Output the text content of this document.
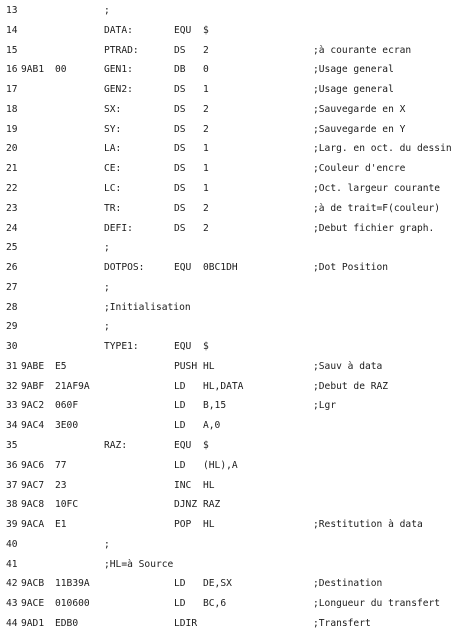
13	;
14	DATA:	EQU $
15	PTRAD:	DS 2	;à courante ecran
16 9AB1 00	GEN1:	DB 0	;Usage general
17	GEN2:	DS 1	;Usage general
18	SX:	DS 2	;Sauvegarde en X
19	SY:	DS 2	;Sauvegarde en Y
20	LA:	DS 1	;Larg. en oct. du dessin
21	CE:	DS 1	;Couleur d'encre
22	LC:	DS 1	;Oct. largeur courante
23	TR:	DS 2	;à de trait=F(couleur)
24	DEFI:	DS 2	;Debut fichier graph.
25	;
26	DOTPOS:	EQU 0BC1DH	;Dot Position
27	;
28	;Initialisation
29	;
30	TYPE1:	EQU $
31 9ABE E5	PUSH HL	;Sauv à data
32 9ABF 21AF9A	LD HL,DATA	;Debut de RAZ
33 9AC2 060F	LD B,15	;Lgr
34 9AC4 3E00	LD A,0
35	RAZ:	EQU $
36 9AC6 77	LD (HL),A
37 9AC7 23	INC HL
38 9AC8 10FC	DJNZ RAZ
39 9ACA E1	POP HL	;Restitution à data
40	;
41	;HL=à Source
42 9ACB 11B39A	LD DE,SX	;Destination
43 9ACE 010600	LD BC,6	;Longueur du transfert
44 9AD1 EDB0	LDIR	;Transfert
